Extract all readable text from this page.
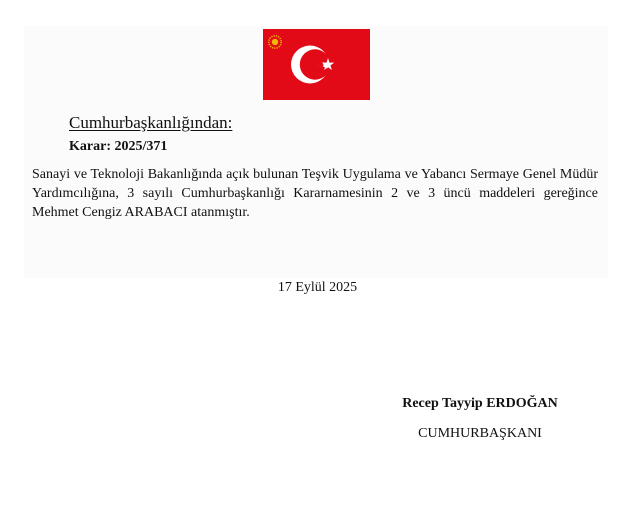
Cumhurbaşkanlığından:
Karar: 2025/371
Sanayi ve Teknoloji Bakanlığında açık bulunan Teşvik Uygulama ve Yabancı Sermaye Genel Müdür Yardımcılığına, 3 sayılı Cumhurbaşkanlığı Kararnamesinin 2 ve 3 üncü maddeleri gereğince Mehmet Cengiz ARABACI atanmıştır.
17 Eylül 2025
Recep Tayyip ERDOĞAN
CUMHURBAŞKANI
